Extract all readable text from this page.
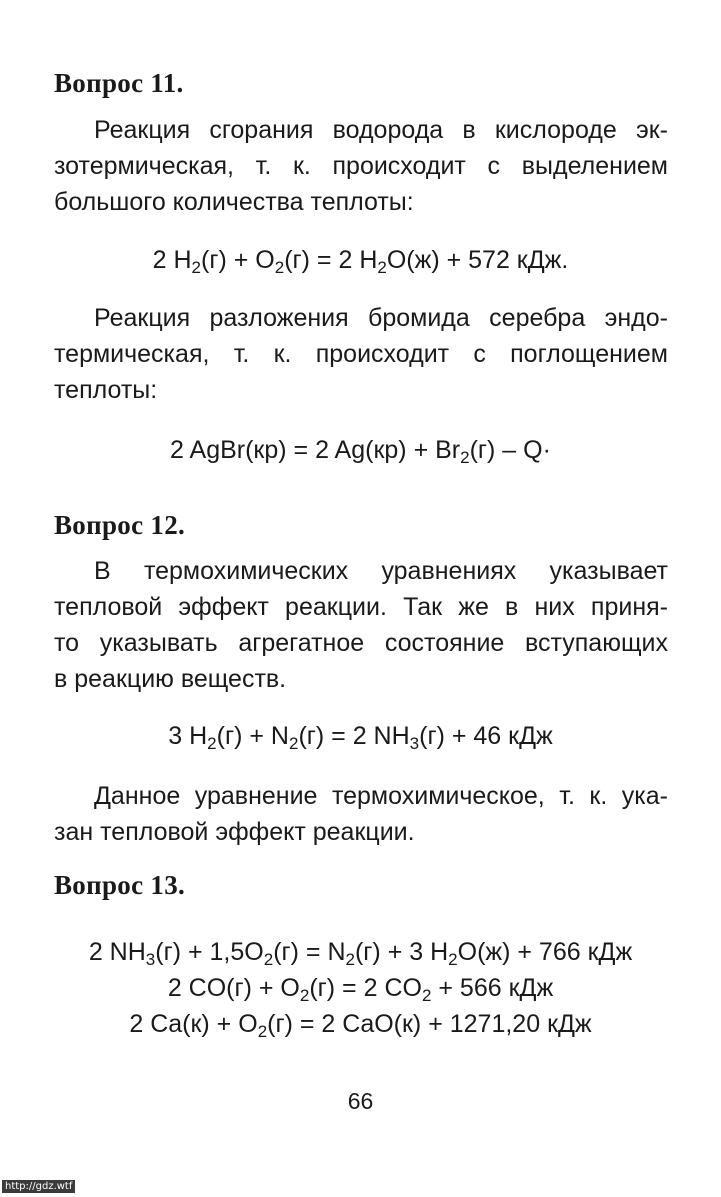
Вопрос 11.

Реакция сгорания водорода в кислороде эк-
зотермическая, т. к. происходит с выделением
большого количества теплоты:

2 $H_2(г) + O_2(г) = 2$ $H_2O(ж) + 572$ кДж.

Реакция разложения бромида серебра эндо-
термическая, т. к. происходит с поглощением
теплоты:

2 AgBr(кр) = 2 $Ag(кр) + Br_2(г) - Q\cdot$

Вопрос 12.

В термохимических уравнениях указывает
тепловой эффект реакции. Так же в них приня-
то указывать агрегатное состояние вступающих
в реакцию веществ.

3 $H_2(г) + N_2(г) = 2$ $NH_3(г) + 46$ кДж

Данное уравнение термохимическое, т. к. ука-
зан тепловой эффект реакции.

Вопрос 13.

2 $NH_3(г) + 1,5O_2(г) = N_2(г) + 3$ $H_2O(ж) + 766$ кДж

2 $CO(г) + O_2(г) = 2$ $CO_2 + 566$ кДж

2 $Ca(к) + O_2(г) = 2$ CaO(к) + 1271,20 кДж

66

http://gdz.wtf
